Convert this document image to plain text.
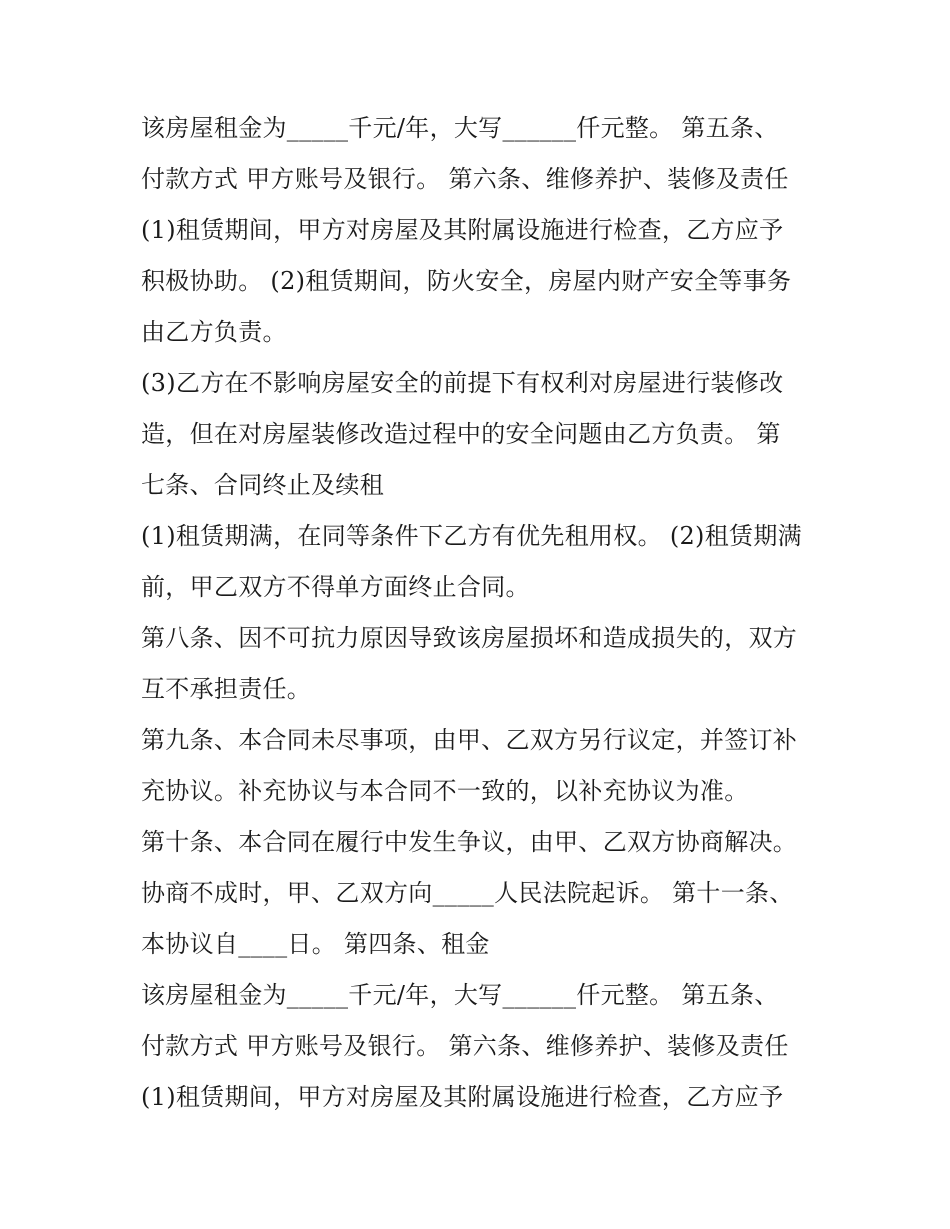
该房屋租金为_____千元/年，大写______仟元整。 第五条、
付款方式 甲方账号及银行。 第六条、维修养护、装修及责任
(1)租赁期间，甲方对房屋及其附属设施进行检查，乙方应予
积极协助。 (2)租赁期间，防火安全，房屋内财产安全等事务
由乙方负责。
(3)乙方在不影响房屋安全的前提下有权利对房屋进行装修改
造，但在对房屋装修改造过程中的安全问题由乙方负责。 第
七条、合同终止及续租
(1)租赁期满，在同等条件下乙方有优先租用权。 (2)租赁期满
前，甲乙双方不得单方面终止合同。
第八条、因不可抗力原因导致该房屋损坏和造成损失的，双方
互不承担责任。
第九条、本合同未尽事项，由甲、乙双方另行议定，并签订补
充协议。补充协议与本合同不一致的，以补充协议为准。
第十条、本合同在履行中发生争议，由甲、乙双方协商解决。
协商不成时，甲、乙双方向_____人民法院起诉。 第十一条、
本协议自____日。 第四条、租金
该房屋租金为_____千元/年，大写______仟元整。 第五条、
付款方式 甲方账号及银行。 第六条、维修养护、装修及责任
(1)租赁期间，甲方对房屋及其附属设施进行检查，乙方应予
